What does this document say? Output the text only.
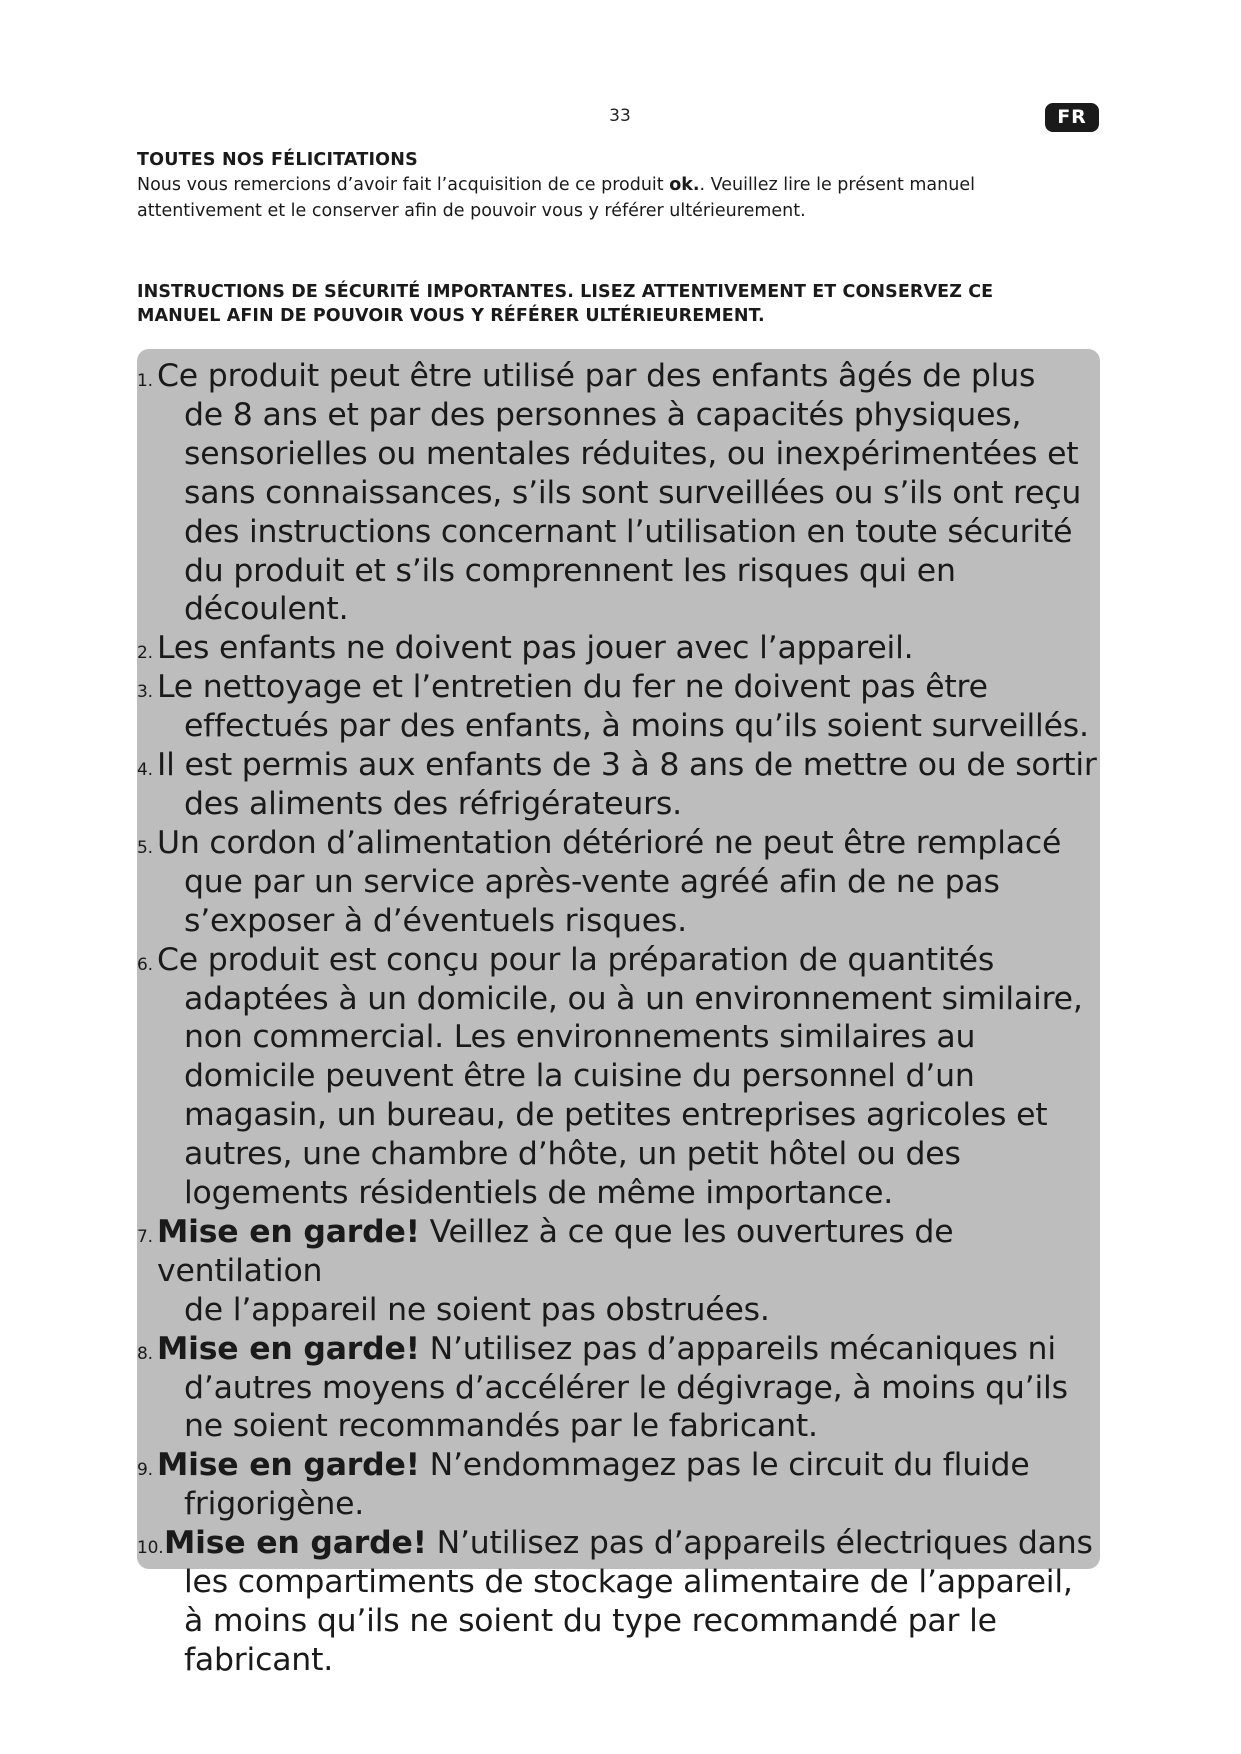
33	FR
TOUTES NOS FÉLICITATIONS
Nous vous remercions d’avoir fait l’acquisition de ce produit ok.. Veuillez lire le présent manuel attentivement et le conserver afin de pouvoir vous y référer ultérieurement.
INSTRUCTIONS DE SÉCURITÉ IMPORTANTES. LISEZ ATTENTIVEMENT ET CONSERVEZ CE
MANUEL AFIN DE POUVOIR VOUS Y RÉFÉRER ULTÉRIEUREMENT.
1. Ce produit peut être utilisé par des enfants âgés de plus
de 8 ans et par des personnes à capacités physiques, sensorielles ou mentales réduites, ou inexpérimentées et sans connaissances, s’ils sont surveillées ou s’ils ont reçu des instructions concernant l’utilisation en toute sécurité du produit et s’ils comprennent les risques qui en découlent.
2. Les enfants ne doivent pas jouer avec l’appareil.
3. Le nettoyage et l’entretien du fer ne doivent pas être
effectués par des enfants, à moins qu’ils soient surveillés.
4. Il est permis aux enfants de 3 à 8 ans de mettre ou de sortir
des aliments des réfrigérateurs.
5. Un cordon d’alimentation détérioré ne peut être remplacé
que par un service après-vente agréé afin de ne pas s’exposer à d’éventuels risques.
6. Ce produit est conçu pour la préparation de quantités
adaptées à un domicile, ou à un environnement similaire, non commercial. Les environnements similaires au domicile peuvent être la cuisine du personnel d’un magasin, un bureau, de petites entreprises agricoles et autres, une chambre d’hôte, un petit hôtel ou des logements résidentiels de même importance.
7. Mise en garde! Veillez à ce que les ouvertures de ventilation
de l’appareil ne soient pas obstruées.
8. Mise en garde! N’utilisez pas d’appareils mécaniques ni
d’autres moyens d’accélérer le dégivrage, à moins qu’ils ne soient recommandés par le fabricant.
9. Mise en garde! N’endommagez pas le circuit du fluide
frigorigène.
10. Mise en garde! N’utilisez pas d’appareils électriques dans
les compartiments de stockage alimentaire de l’appareil, à moins qu’ils ne soient du type recommandé par le fabricant.
